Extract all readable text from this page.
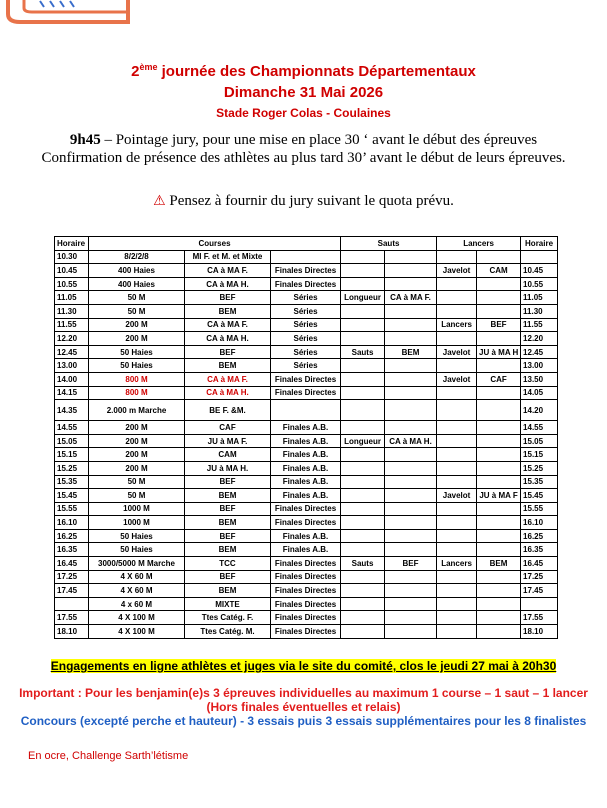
2ème journée des Championnats Départementaux
Dimanche 31 Mai 2026
Stade Roger Colas - Coulaines
9h45 – Pointage jury, pour une mise en place 30 ‘ avant le début des épreuves
Confirmation de présence des athlètes au plus tard 30’ avant le début de leurs épreuves.
⚠ Pensez à fournir du jury suivant le quota prévu.
Horaire	Courses			Sauts		Lancers		Horaire
10.30	8/2/2/8	MI F. et M. et Mixte						
10.45	400 Haies	CA à MA F.	Finales Directes			Javelot	CAM	10.45
10.55	400 Haies	CA à MA H.	Finales Directes					10.55
11.05	50 M	BEF	Séries	Longueur	CA à MA F.			11.05
11.30	50 M	BEM	Séries					11.30
11.55	200 M	CA à MA F.	Séries			Lancers	BEF	11.55
12.20	200 M	CA à MA H.	Séries					12.20
12.45	50 Haies	BEF	Séries	Sauts	BEM	Javelot	JU à MA H	12.45
13.00	50 Haies	BEM	Séries					13.00
14.00	800 M	CA à MA F.	Finales Directes			Javelot	CAF	13.50
14.15	800 M	CA à MA H.	Finales Directes					14.05
14.35	2.000 m Marche	BE F. &M.						14.20
14.55	200 M	CAF	Finales A.B.					14.55
15.05	200 M	JU à MA F.	Finales A.B.	Longueur	CA à MA H.			15.05
15.15	200 M	CAM	Finales A.B.					15.15
15.25	200 M	JU à MA H.	Finales A.B.					15.25
15.35	50 M	BEF	Finales A.B.					15.35
15.45	50 M	BEM	Finales A.B.			Javelot	JU à MA F	15.45
15.55	1000 M	BEF	Finales Directes					15.55
16.10	1000 M	BEM	Finales Directes					16.10
16.25	50 Haies	BEF	Finales A.B.					16.25
16.35	50 Haies	BEM	Finales A.B.					16.35
16.45	3000/5000 M Marche	TCC	Finales Directes	Sauts	BEF	Lancers	BEM	16.45
17.25	4 X 60 M	BEF	Finales Directes					17.25
17.45	4 X 60 M	BEM	Finales Directes					17.45
	4 x 60 M	MIXTE	Finales Directes					
17.55	4 X 100 M	Ttes Catég. F.	Finales Directes					17.55
18.10	4 X 100 M	Ttes Catég. M.	Finales Directes					18.10
Engagements en ligne athlètes et juges via le site du comité, clos le jeudi 27 mai à 20h30
Important : Pour les benjamin(e)s 3 épreuves individuelles au maximum 1 course – 1 saut – 1 lancer
(Hors finales éventuelles et relais)
Concours (excepté perche et hauteur) - 3 essais puis 3 essais supplémentaires pour les 8 finalistes
En ocre, Challenge Sarth’létisme
